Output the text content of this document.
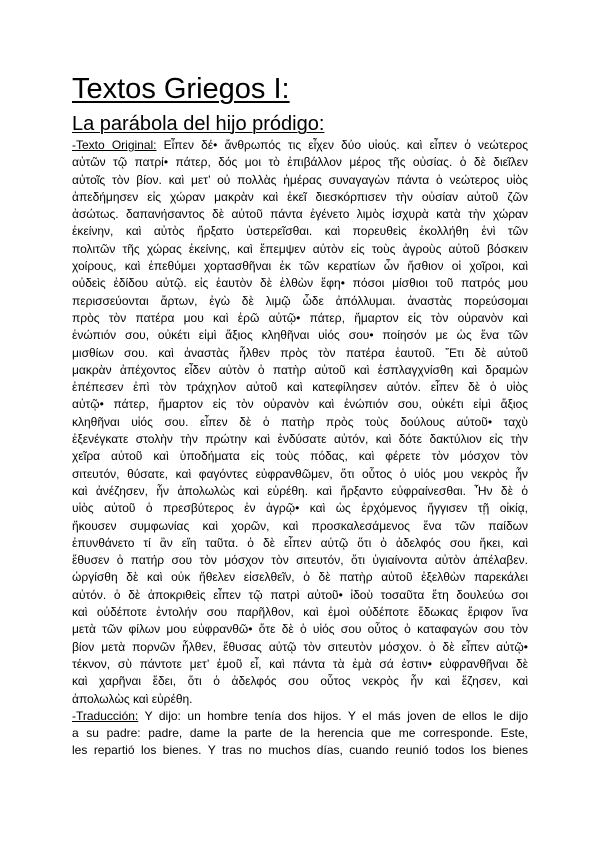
Textos Griegos I:
La parábola del hijo pródigo:
-Texto Original: Εἶπεν δέ• ἄνθρωπός τις εἶχεν δύο υἱούς. καὶ εἶπεν ὁ νεώτερος
αὐτῶν τῷ πατρί• πάτερ, δός μοι τὸ ἐπιβάλλον μέρος τῆς οὐσίας. ὁ δὲ διεῖλεν
αὐτοῖς τὸν βίον. καὶ μετ’ οὐ πολλὰς ἡμέρας συναγαγὼν πάντα ὁ νεώτερος υἱὸς
ἀπεδήμησεν εἰς χώραν μακρὰν καὶ ἐκεῖ διεσκόρπισεν τὴν οὐσίαν αὐτοῦ ζῶν
ἀσώτως. δαπανήσαντος δὲ αὐτοῦ πάντα ἐγένετο λιμὸς ἰσχυρὰ κατὰ τὴν χώραν
ἐκείνην, καὶ αὐτὸς ἤρξατο ὑστερεῖσθαι. καὶ πορευθεὶς ἐκολλήθη ἑνὶ τῶν
πολιτῶν τῆς χώρας ἐκείνης, καὶ ἔπεμψεν αὐτὸν εἰς τοὺς ἀγροὺς αὐτοῦ βόσκειν
χοίρους, καὶ ἐπεθύμει χορτασθῆναι ἐκ τῶν κερατίων ὧν ἤσθιον οἱ χοῖροι, καὶ
οὐδεὶς ἐδίδου αὐτῷ. εἰς ἑαυτὸν δὲ ἐλθὼν ἔφη• πόσοι μίσθιοι τοῦ πατρός μου
περισσεύονται ἄρτων, ἐγὼ δὲ λιμῷ ὧδε ἀπόλλυμαι. ἀναστὰς πορεύσομαι
πρὸς τὸν πατέρα μου καὶ ἐρῶ αὐτῷ• πάτερ, ἥμαρτον εἰς τὸν οὐρανὸν καὶ
ἐνώπιόν σου, οὐκέτι εἰμὶ ἄξιος κληθῆναι υἱός σου• ποίησόν με ὡς ἕνα τῶν
μισθίων σου. καὶ ἀναστὰς ἦλθεν πρὸς τὸν πατέρα ἑαυτοῦ. Ἔτι δὲ αὐτοῦ
μακρὰν ἀπέχοντος εἶδεν αὐτὸν ὁ πατὴρ αὐτοῦ καὶ ἐσπλαγχνίσθη καὶ δραμὼν
ἐπέπεσεν ἐπὶ τὸν τράχηλον αὐτοῦ καὶ κατεφίλησεν αὐτόν. εἶπεν δὲ ὁ υἱὸς
αὐτῷ• πάτερ, ἥμαρτον εἰς τὸν οὐρανὸν καὶ ἐνώπιόν σου, οὐκέτι εἰμὶ ἄξιος
κληθῆναι υἱός σου. εἶπεν δὲ ὁ πατὴρ πρὸς τοὺς δούλους αὐτοῦ• ταχὺ
ἐξενέγκατε στολὴν τὴν πρώτην καὶ ἐνδύσατε αὐτόν, καὶ δότε δακτύλιον εἰς τὴν
χεῖρα αὐτοῦ καὶ ὑποδήματα εἰς τοὺς πόδας, καὶ φέρετε τὸν μόσχον τὸν
σιτευτόν, θύσατε, καὶ φαγόντες εὐφρανθῶμεν, ὅτι οὗτος ὁ υἱός μου νεκρὸς ἦν
καὶ ἀνέζησεν, ἦν ἀπολωλὼς καὶ εὑρέθη. καὶ ἤρξαντο εὐφραίνεσθαι. Ἦν δὲ ὁ
υἱὸς αὐτοῦ ὁ πρεσβύτερος ἐν ἀγρῷ• καὶ ὡς ἐρχόμενος ἤγγισεν τῇ οἰκίᾳ,
ἤκουσεν συμφωνίας καὶ χορῶν, καὶ προσκαλεσάμενος ἕνα τῶν παίδων
ἐπυνθάνετο τί ἂν εἴη ταῦτα. ὁ δὲ εἶπεν αὐτῷ ὅτι ὁ ἀδελφός σου ἥκει, καὶ
ἔθυσεν ὁ πατήρ σου τὸν μόσχον τὸν σιτευτόν, ὅτι ὑγιαίνοντα αὐτὸν ἀπέλαβεν.
ὠργίσθη δὲ καὶ οὐκ ἤθελεν εἰσελθεῖν, ὁ δὲ πατὴρ αὐτοῦ ἐξελθὼν παρεκάλει
αὐτόν. ὁ δὲ ἀποκριθεὶς εἶπεν τῷ πατρὶ αὐτοῦ• ἰδοὺ τοσαῦτα ἔτη δουλεύω σοι
καὶ οὐδέποτε ἐντολήν σου παρῆλθον, καὶ ἐμοὶ οὐδέποτε ἔδωκας ἔριφον ἵνα
μετὰ τῶν φίλων μου εὐφρανθῶ• ὅτε δὲ ὁ υἱός σου οὗτος ὁ καταφαγών σου τὸν
βίον μετὰ πορνῶν ἦλθεν, ἔθυσας αὐτῷ τὸν σιτευτὸν μόσχον. ὁ δὲ εἶπεν αὐτῷ•
τέκνον, σὺ πάντοτε μετ’ ἐμοῦ εἶ, καὶ πάντα τὰ ἐμὰ σά ἐστιν• εὐφρανθῆναι δὲ
καὶ χαρῆναι ἔδει, ὅτι ὁ ἀδελφός σου οὗτος νεκρὸς ἦν καὶ ἔζησεν, καὶ
ἀπολωλὼς καὶ εὑρέθη.
-Traducción: Y dijo: un hombre tenía dos hijos. Y el más joven de ellos le dijo
a su padre: padre, dame la parte de la herencia que me corresponde. Este,
les repartió los bienes. Y tras no muchos días, cuando reunió todos los bienes
